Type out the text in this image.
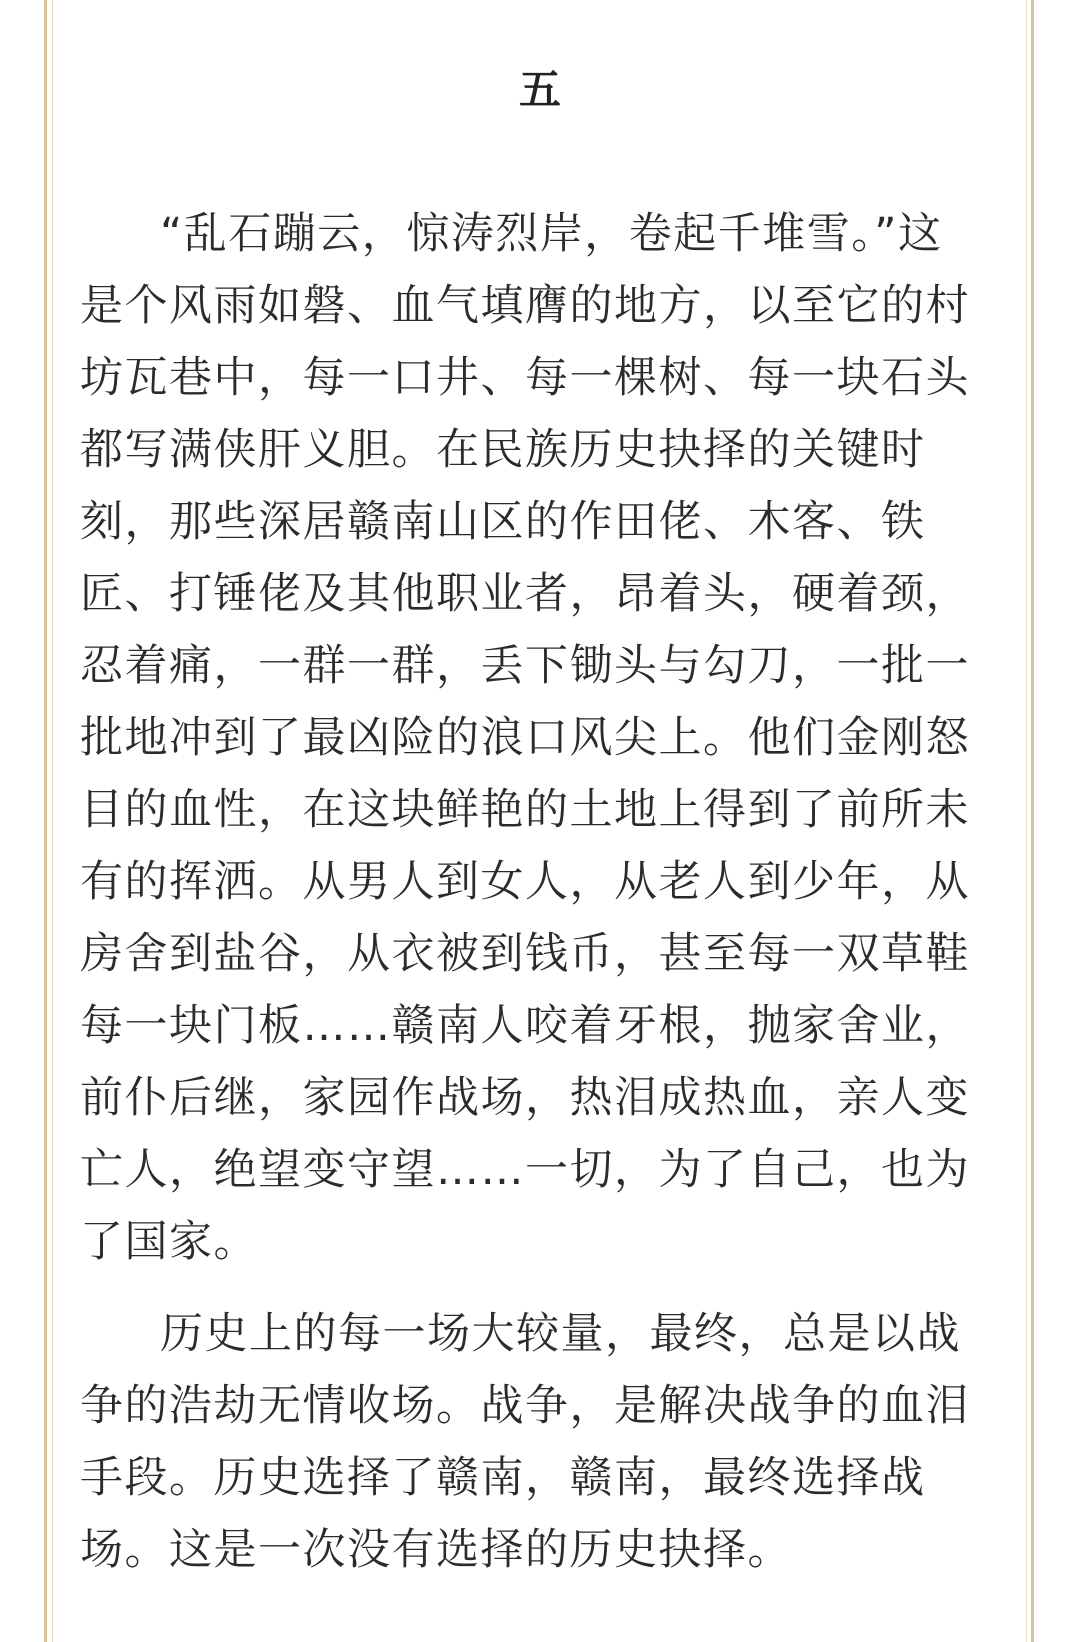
五
“乱石蹦云，惊涛烈岸，卷起千堆雪。”这
是个风雨如磐、血气填膺的地方，以至它的村
坊瓦巷中，每一口井、每一棵树、每一块石头
都写满侠肝义胆。在民族历史抉择的关键时
刻，那些深居赣南山区的作田佬、木客、铁
匠、打锤佬及其他职业者，昂着头，硬着颈，
忍着痛，一群一群，丢下锄头与勾刀，一批一
批地冲到了最凶险的浪口风尖上。他们金刚怒
目的血性，在这块鲜艳的土地上得到了前所未
有的挥洒。从男人到女人，从老人到少年，从
房舍到盐谷，从衣被到钱币，甚至每一双草鞋
每一块门板……赣南人咬着牙根，抛家舍业，
前仆后继，家园作战场，热泪成热血，亲人变
亡人，绝望变守望……一切，为了自己，也为
了国家。
历史上的每一场大较量，最终，总是以战
争的浩劫无情收场。战争，是解决战争的血泪
手段。历史选择了赣南，赣南，最终选择战
场。这是一次没有选择的历史抉择。
